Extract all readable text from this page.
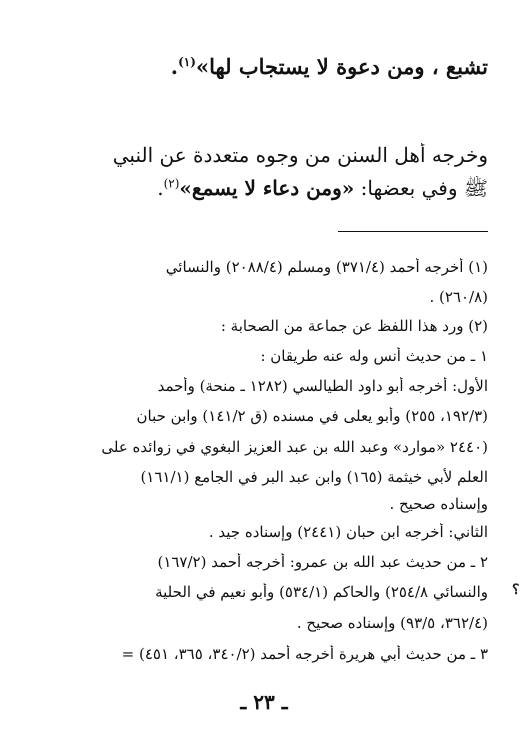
تشبع ، ومن دعوة لا يستجاب لها»$^{(١)}$.
وخرجه أهل السنن من وجوه متعددة عن النبي
ﷺ وفي بعضها: «ومن دعاء لا يسمع»$^{(٢)}$.
(١) أخرجه أحمد (٣٧١/٤) ومسلم (٢٠٨٨/٤) والنسائي
(٢٦٠/٨) .
(٢) ورد هذا اللفظ عن جماعة من الصحابة :
١ ـ من حديث أنس وله عنه طريقان :
الأول: أخرجه أبو داود الطيالسي (١٢٨٢ ـ منحة) وأحمد
(١٩٢/٣، ٢٥٥) وأبو يعلى في مسنده (ق ١٤١/٢) وابن حبان
(٢٤٤٠ «موارد» وعبد الله بن عبد العزيز البغوي في زوائده على
العلم لأبي خيثمة (١٦٥) وابن عبد البر في الجامع (١٦١/١)
وإسناده صحيح .
الثاني: أخرجه ابن حبان (٢٤٤١) وإسناده جيد .
٢ ـ من حديث عبد الله بن عمرو: أخرجه أحمد (١٦٧/٢)
والنسائي ٢٥٤/٨) والحاكم (٥٣٤/١) وأبو نعيم في الحلية
(٣٦٢/٤، ٩٣/٥) وإسناده صحيح .
٣ ـ من حديث أبي هريرة أخرجه أحمد (٣٤٠/٢، ٣٦٥، ٤٥١) =
ـ ٢٣ ـ
؟
